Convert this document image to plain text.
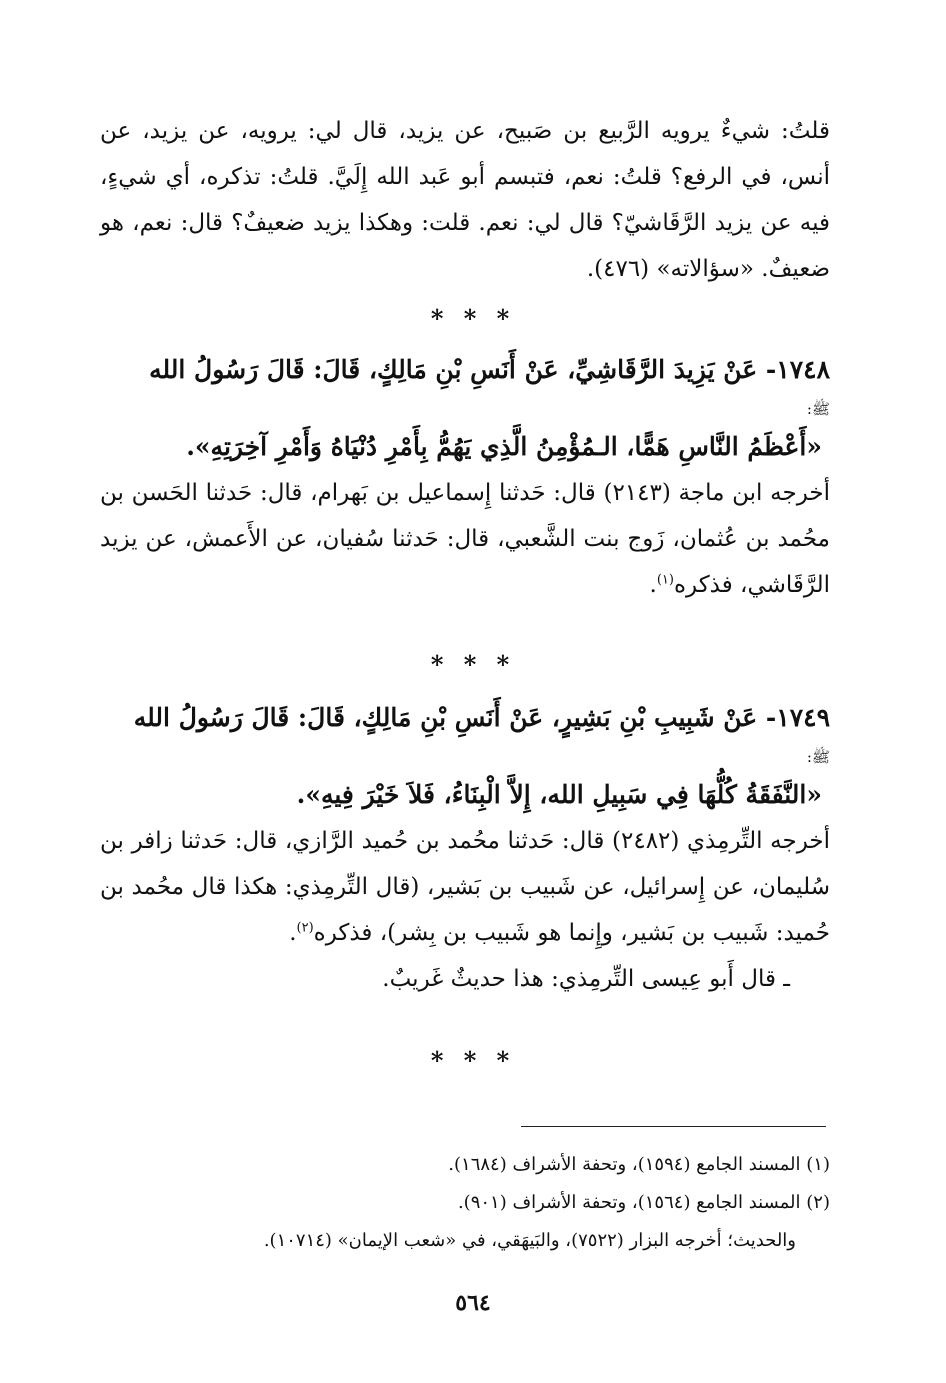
قلتُ: شيءٌ يرويه الرَّبيع بن صَبيح، عن يزيد، قال لي: يرويه، عن يزيد، عن أنس، في الرفع؟ قلتُ: نعم، فتبسم أبو عَبد الله إِلَيَّ. قلتُ: تذكره، أي شيءٍ، فيه عن يزيد الرَّقَاشيّ؟ قال لي: نعم. قلت: وهكذا يزيد ضعيفٌ؟ قال: نعم، هو ضعيفٌ. «سؤالاته» (٤٧٦).

* * *

١٧٤٨- عَنْ يَزِيدَ الرَّقَاشِيِّ، عَنْ أَنَسِ بْنِ مَالِكٍ، قَالَ: قَالَ رَسُولُ الله

ﷺ:

«أَعْظَمُ النَّاسِ هَمًّا، الـمُؤْمِنُ الَّذِي يَهُمُّ بِأَمْرِ دُنْيَاهُ وَأَمْرِ آخِرَتِهِ».

أخرجه ابن ماجة (٢١٤٣) قال: حَدثنا إِسماعيل بن بَهرام، قال: حَدثنا الحَسن بن محُمد بن عُثمان، زَوج بنت الشَّعبي، قال: حَدثنا سُفيان، عن الأَعمش، عن يزيد الرَّقَاشي، فذكره$^{(١)}$.

* * *

١٧٤٩- عَنْ شَبِيبِ بْنِ بَشِيرٍ، عَنْ أَنَسِ بْنِ مَالِكٍ، قَالَ: قَالَ رَسُولُ الله

ﷺ:

«النَّفَقَةُ كُلُّهَا فِي سَبِيلِ الله، إِلاَّ الْبِنَاءُ، فَلاَ خَيْرَ فِيهِ».

أخرجه التِّرمِذي (٢٤٨٢) قال: حَدثنا محُمد بن حُميد الرَّازي، قال: حَدثنا زافر بن سُليمان، عن إِسرائيل، عن شَبيب بن بَشير، (قال التِّرمِذي: هكذا قال محُمد بن حُميد: شَبيب بن بَشير، وإِنما هو شَبيب بن بِشر)، فذكره$^{(٢)}$.

ـ قال أَبو عِيسى التِّرمِذي: هذا حديثٌ غَريبٌ.

* * *

(١) المسند الجامع (١٥٩٤)، وتحفة الأشراف (١٦٨٤).

(٢) المسند الجامع (١٥٦٤)، وتحفة الأشراف (٩٠١).

والحديث؛ أخرجه البزار (٧٥٢٢)، والبَيهَقي، في «شعب الإيمان» (١٠٧١٤).

٥٦٤
